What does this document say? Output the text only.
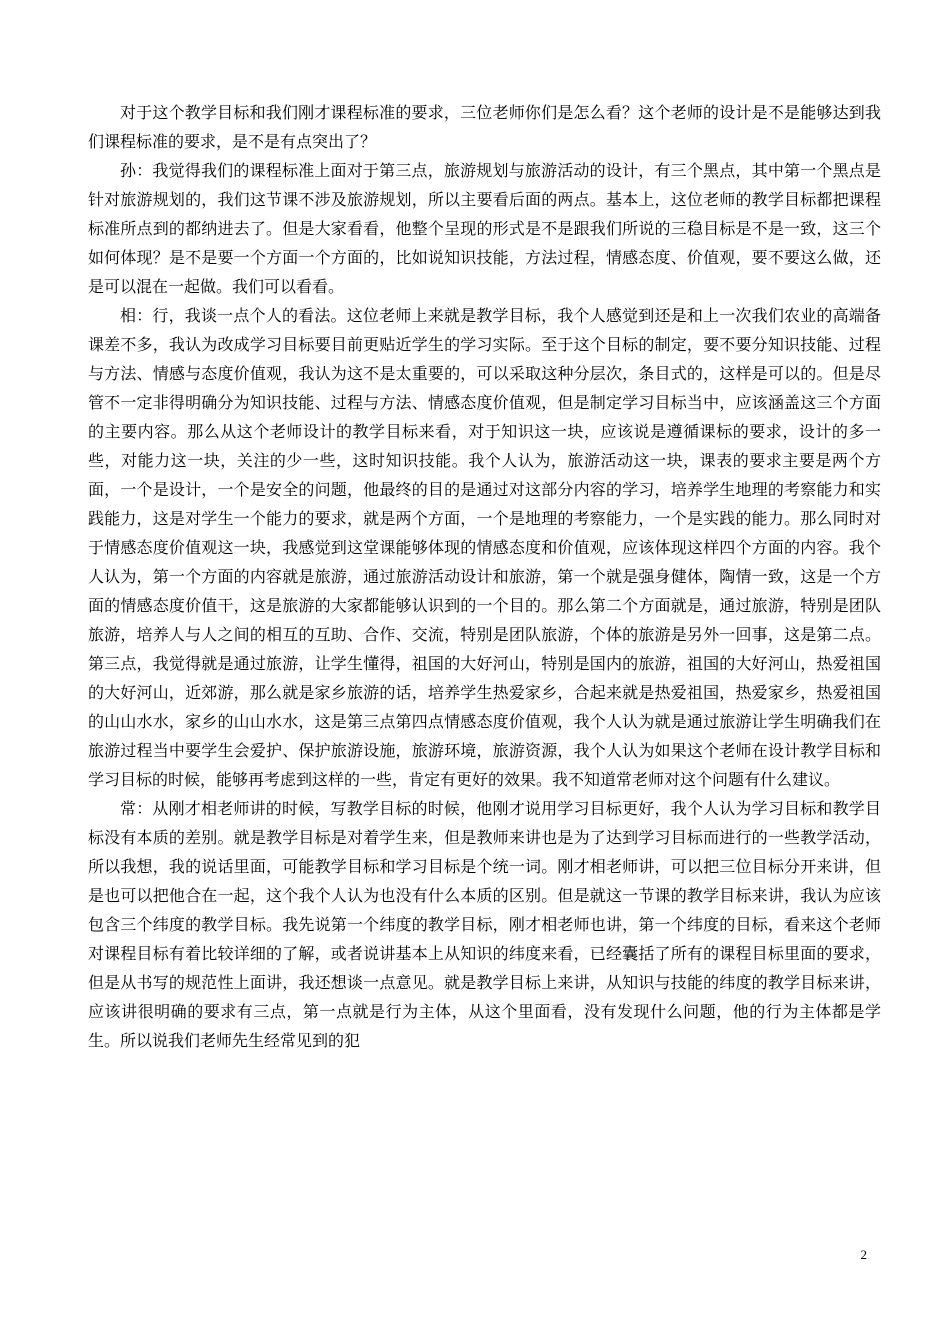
对于这个教学目标和我们刚才课程标准的要求，三位老师你们是怎么看？这个老师的设计是不是能够达到我们课程标准的要求，是不是有点突出了？

孙：我觉得我们的课程标准上面对于第三点，旅游规划与旅游活动的设计，有三个黑点，其中第一个黑点是针对旅游规划的，我们这节课不涉及旅游规划，所以主要看后面的两点。基本上，这位老师的教学目标都把课程标准所点到的都纳进去了。但是大家看看，他整个呈现的形式是不是跟我们所说的三稳目标是不是一致，这三个如何体现？是不是要一个方面一个方面的，比如说知识技能，方法过程，情感态度、价值观，要不要这么做，还是可以混在一起做。我们可以看看。

相：行，我谈一点个人的看法。这位老师上来就是教学目标，我个人感觉到还是和上一次我们农业的高端备课差不多，我认为改成学习目标要目前更贴近学生的学习实际。至于这个目标的制定，要不要分知识技能、过程与方法、情感与态度价值观，我认为这不是太重要的，可以采取这种分层次，条目式的，这样是可以的。但是尽管不一定非得明确分为知识技能、过程与方法、情感态度价值观，但是制定学习目标当中，应该涵盖这三个方面的主要内容。那么从这个老师设计的教学目标来看，对于知识这一块，应该说是遵循课标的要求，设计的多一些，对能力这一块，关注的少一些，这时知识技能。我个人认为，旅游活动这一块，课表的要求主要是两个方面，一个是设计，一个是安全的问题，他最终的目的是通过对这部分内容的学习，培养学生地理的考察能力和实践能力，这是对学生一个能力的要求，就是两个方面，一个是地理的考察能力，一个是实践的能力。那么同时对于情感态度价值观这一块，我感觉到这堂课能够体现的情感态度和价值观，应该体现这样四个方面的内容。我个人认为，第一个方面的内容就是旅游，通过旅游活动设计和旅游，第一个就是强身健体，陶情一致，这是一个方面的情感态度价值干，这是旅游的大家都能够认识到的一个目的。那么第二个方面就是，通过旅游，特别是团队旅游，培养人与人之间的相互的互助、合作、交流，特别是团队旅游，个体的旅游是另外一回事，这是第二点。第三点，我觉得就是通过旅游，让学生懂得，祖国的大好河山，特别是国内的旅游，祖国的大好河山，热爱祖国的大好河山，近郊游，那么就是家乡旅游的话，培养学生热爱家乡，合起来就是热爱祖国，热爱家乡，热爱祖国的山山水水，家乡的山山水水，这是第三点第四点情感态度价值观，我个人认为就是通过旅游让学生明确我们在旅游过程当中要学生会爱护、保护旅游设施，旅游环境，旅游资源，我个人认为如果这个老师在设计教学目标和学习目标的时候，能够再考虑到这样的一些，肯定有更好的效果。我不知道常老师对这个问题有什么建议。

常：从刚才相老师讲的时候，写教学目标的时候，他刚才说用学习目标更好，我个人认为学习目标和教学目标没有本质的差别。就是教学目标是对着学生来，但是教师来讲也是为了达到学习目标而进行的一些教学活动，所以我想，我的说话里面，可能教学目标和学习目标是个统一词。刚才相老师讲，可以把三位目标分开来讲，但是也可以把他合在一起，这个我个人认为也没有什么本质的区别。但是就这一节课的教学目标来讲，我认为应该包含三个纬度的教学目标。我先说第一个纬度的教学目标，刚才相老师也讲，第一个纬度的目标，看来这个老师对课程目标有着比较详细的了解，或者说讲基本上从知识的纬度来看，已经囊括了所有的课程目标里面的要求，但是从书写的规范性上面讲，我还想谈一点意见。就是教学目标上来讲，从知识与技能的纬度的教学目标来讲，应该讲很明确的要求有三点，第一点就是行为主体，从这个里面看，没有发现什么问题，他的行为主体都是学生。所以说我们老师先生经常见到的犯

2
